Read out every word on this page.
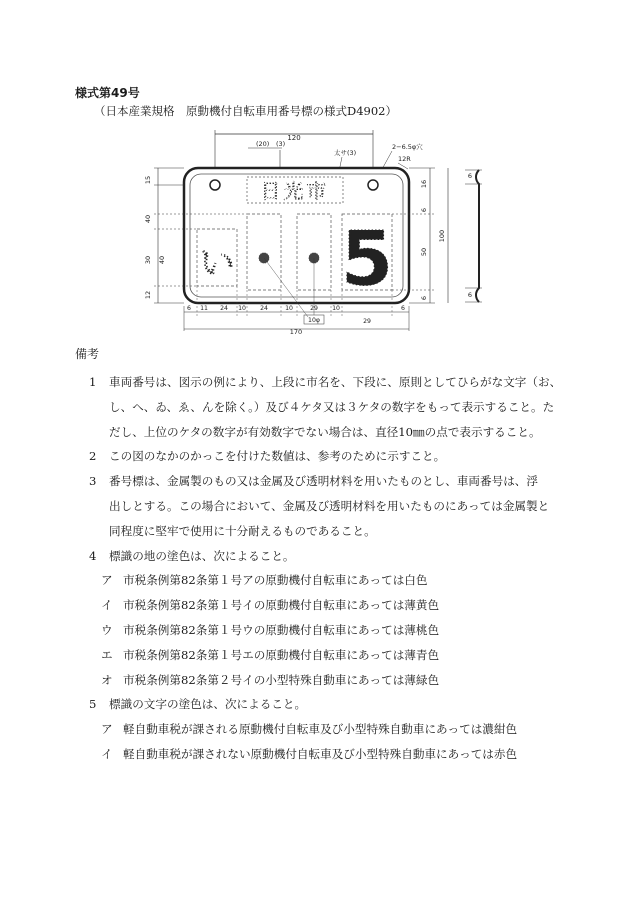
様式第49号
（日本産業規格　原動機付自転車用番号標の様式D4902）
120
(20) (3)
太サ(3)
2−6.5φ穴
12R
日光市
い 5
15
40
30 40
12
16
6
50
6
100
6
6
6 11 24 10 24	10	29 10
29
6
10φ
170
備考
1 車両番号は、図示の例により、上段に市名を、下段に、原則としてひらがな文字（お、
し、へ、ゐ、ゑ、んを除く。）及び４ケタ又は３ケタの数字をもって表示すること。た
だし、上位のケタの数字が有効数字でない場合は、直径10㎜の点で表示すること。
2 この図のなかのかっこを付けた数値は、参考のために示すこと。
3 番号標は、金属製のもの又は金属及び透明材料を用いたものとし、車両番号は、浮
出しとする。この場合において、金属及び透明材料を用いたものにあっては金属製と
同程度に堅牢で使用に十分耐えるものであること。
4 標識の地の塗色は、次によること。
ア 市税条例第82条第１号アの原動機付自転車にあっては白色
イ 市税条例第82条第１号イの原動機付自転車にあっては薄黄色
ウ 市税条例第82条第１号ウの原動機付自転車にあっては薄桃色
エ 市税条例第82条第１号エの原動機付自転車にあっては薄青色
オ 市税条例第82条第２号イの小型特殊自動車にあっては薄緑色
5 標識の文字の塗色は、次によること。
ア 軽自動車税が課される原動機付自転車及び小型特殊自動車にあっては濃紺色
イ 軽自動車税が課されない原動機付自転車及び小型特殊自動車にあっては赤色
